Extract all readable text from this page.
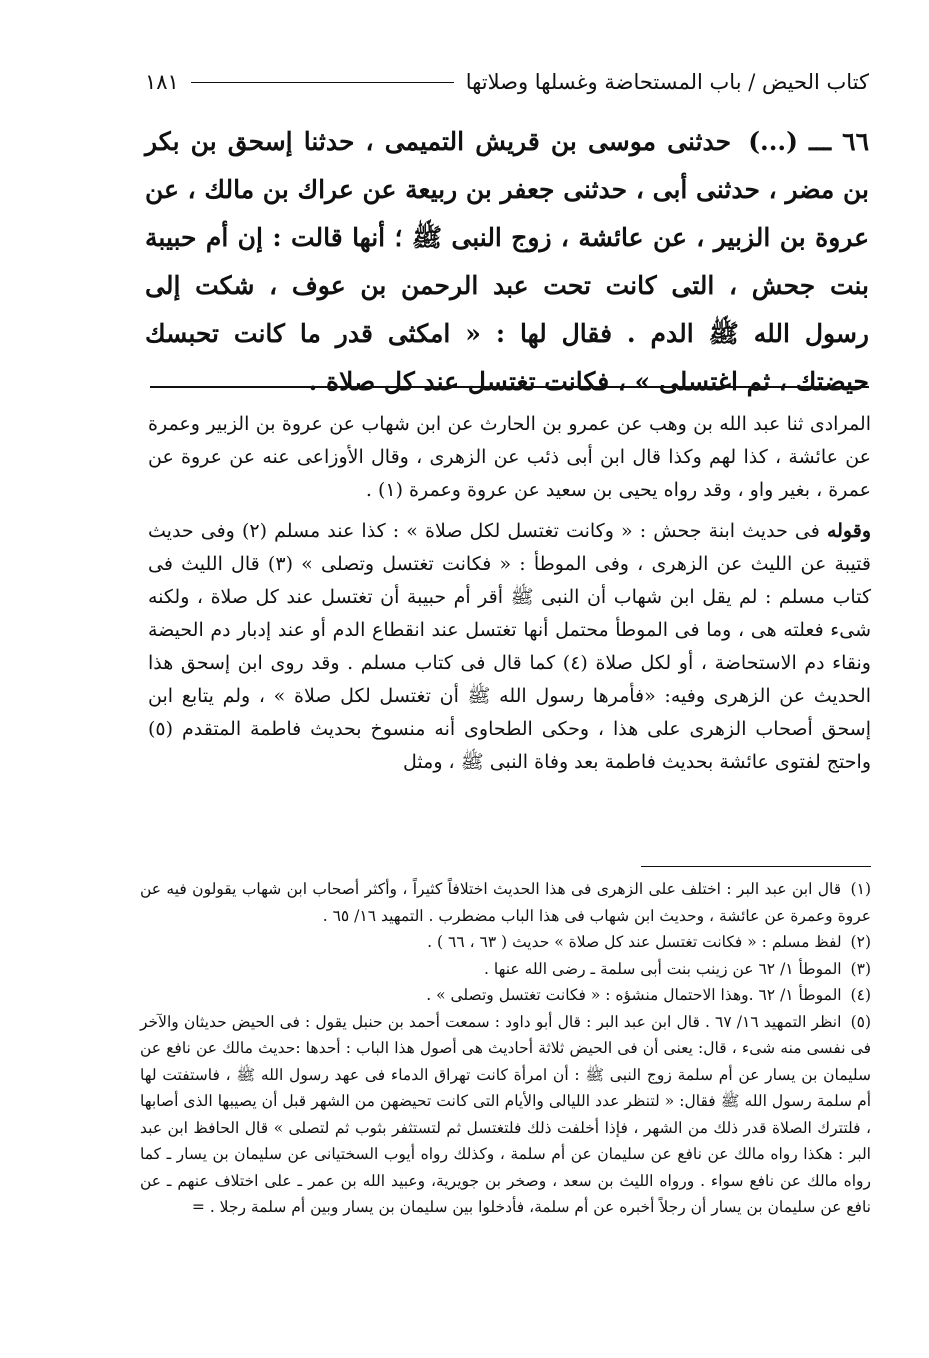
كتاب الحيض / باب المستحاضة وغسلها وصلاتها
١٨١
٦٦ ـــ (...) حدثنى موسى بن قريش التميمى ، حدثنا إسحق بن بكر بن مضر ، حدثنى أبى ، حدثنى جعفر بن ربيعة عن عراك بن مالك ، عن عروة بن الزبير ، عن عائشة ، زوج النبى ﷺ ؛ أنها قالت : إن أم حبيبة بنت جحش ، التى كانت تحت عبد الرحمن بن عوف ، شكت إلى رسول الله ﷺ الدم . فقال لها : « امكثى قدر ما كانت تحبسك حيضتك ، ثم اغتسلى » ، فكانت تغتسل عند كل صلاة .

المرادى ثنا عبد الله بن وهب عن عمرو بن الحارث عن ابن شهاب عن عروة بن الزبير وعمرة عن عائشة ، كذا لهم وكذا قال ابن أبى ذئب عن الزهرى ، وقال الأوزاعى عنه عن عروة عن عمرة ، بغير واو ، وقد رواه يحيى بن سعيد عن عروة وعمرة (١) .

وقوله فى حديث ابنة جحش : « وكانت تغتسل لكل صلاة » : كذا عند مسلم (٢) وفى حديث قتيبة عن الليث عن الزهرى ، وفى الموطأ : « فكانت تغتسل وتصلى » (٣) قال الليث فى كتاب مسلم : لم يقل ابن شهاب أن النبى ﷺ أقر أم حبيبة أن تغتسل عند كل صلاة ، ولكنه شىء فعلته هى ، وما فى الموطأ محتمل أنها تغتسل عند انقطاع الدم أو عند إدبار دم الحيضة ونقاء دم الاستحاضة ، أو لكل صلاة (٤) كما قال فى كتاب مسلم . وقد روى ابن إسحق هذا الحديث عن الزهرى وفيه: «فأمرها رسول الله ﷺ أن تغتسل لكل صلاة » ، ولم يتابع ابن إسحق أصحاب الزهرى على هذا ، وحكى الطحاوى أنه منسوخ بحديث فاطمة المتقدم (٥) واحتج لفتوى عائشة بحديث فاطمة بعد وفاة النبى ﷺ ، ومثل

(١) قال ابن عبد البر : اختلف على الزهرى فى هذا الحديث اختلافاً كثيراً ، وأكثر أصحاب ابن شهاب يقولون فيه عن عروة وعمرة عن عائشة ، وحديث ابن شهاب فى هذا الباب مضطرب . التمهيد ١٦/ ٦٥ .

(٢) لفظ مسلم : « فكانت تغتسل عند كل صلاة » حديث ( ٦٣ ، ٦٦ ) .

(٣) الموطأ ١/ ٦٢ عن زينب بنت أبى سلمة ـ رضى الله عنها .

(٤) الموطأ ١/ ٦٢ .وهذا الاحتمال منشؤه : « فكانت تغتسل وتصلى » .

(٥) انظر التمهيد ١٦/ ٦٧ . قال ابن عبد البر : قال أبو داود : سمعت أحمد بن حنبل يقول : فى الحيض حديثان والآخر فى نفسى منه شىء ، قال: يعنى أن فى الحيض ثلاثة أحاديث هى أصول هذا الباب : أحدها :حديث مالك عن نافع عن سليمان بن يسار عن أم سلمة زوج النبى ﷺ : أن امرأة كانت تهراق الدماء فى عهد رسول الله ﷺ ، فاستفتت لها أم سلمة رسول الله ﷺ فقال: « لتنظر عدد الليالى والأيام التى كانت تحيضهن من الشهر قبل أن يصيبها الذى أصابها ، فلتترك الصلاة قدر ذلك من الشهر ، فإذا أخلفت ذلك فلتغتسل ثم لتستثفر بثوب ثم لتصلى » قال الحافظ ابن عبد البر : هكذا رواه مالك عن نافع عن سليمان عن أم سلمة ، وكذلك رواه أيوب السختيانى عن سليمان بن يسار ـ كما رواه مالك عن نافع سواء . ورواه الليث بن سعد ، وصخر بن جويرية، وعبيد الله بن عمر ـ على اختلاف عنهم ـ عن نافع عن سليمان بن يسار أن رجلاً أخبره عن أم سلمة، فأدخلوا بين سليمان بن يسار وبين أم سلمة رجلا . =
